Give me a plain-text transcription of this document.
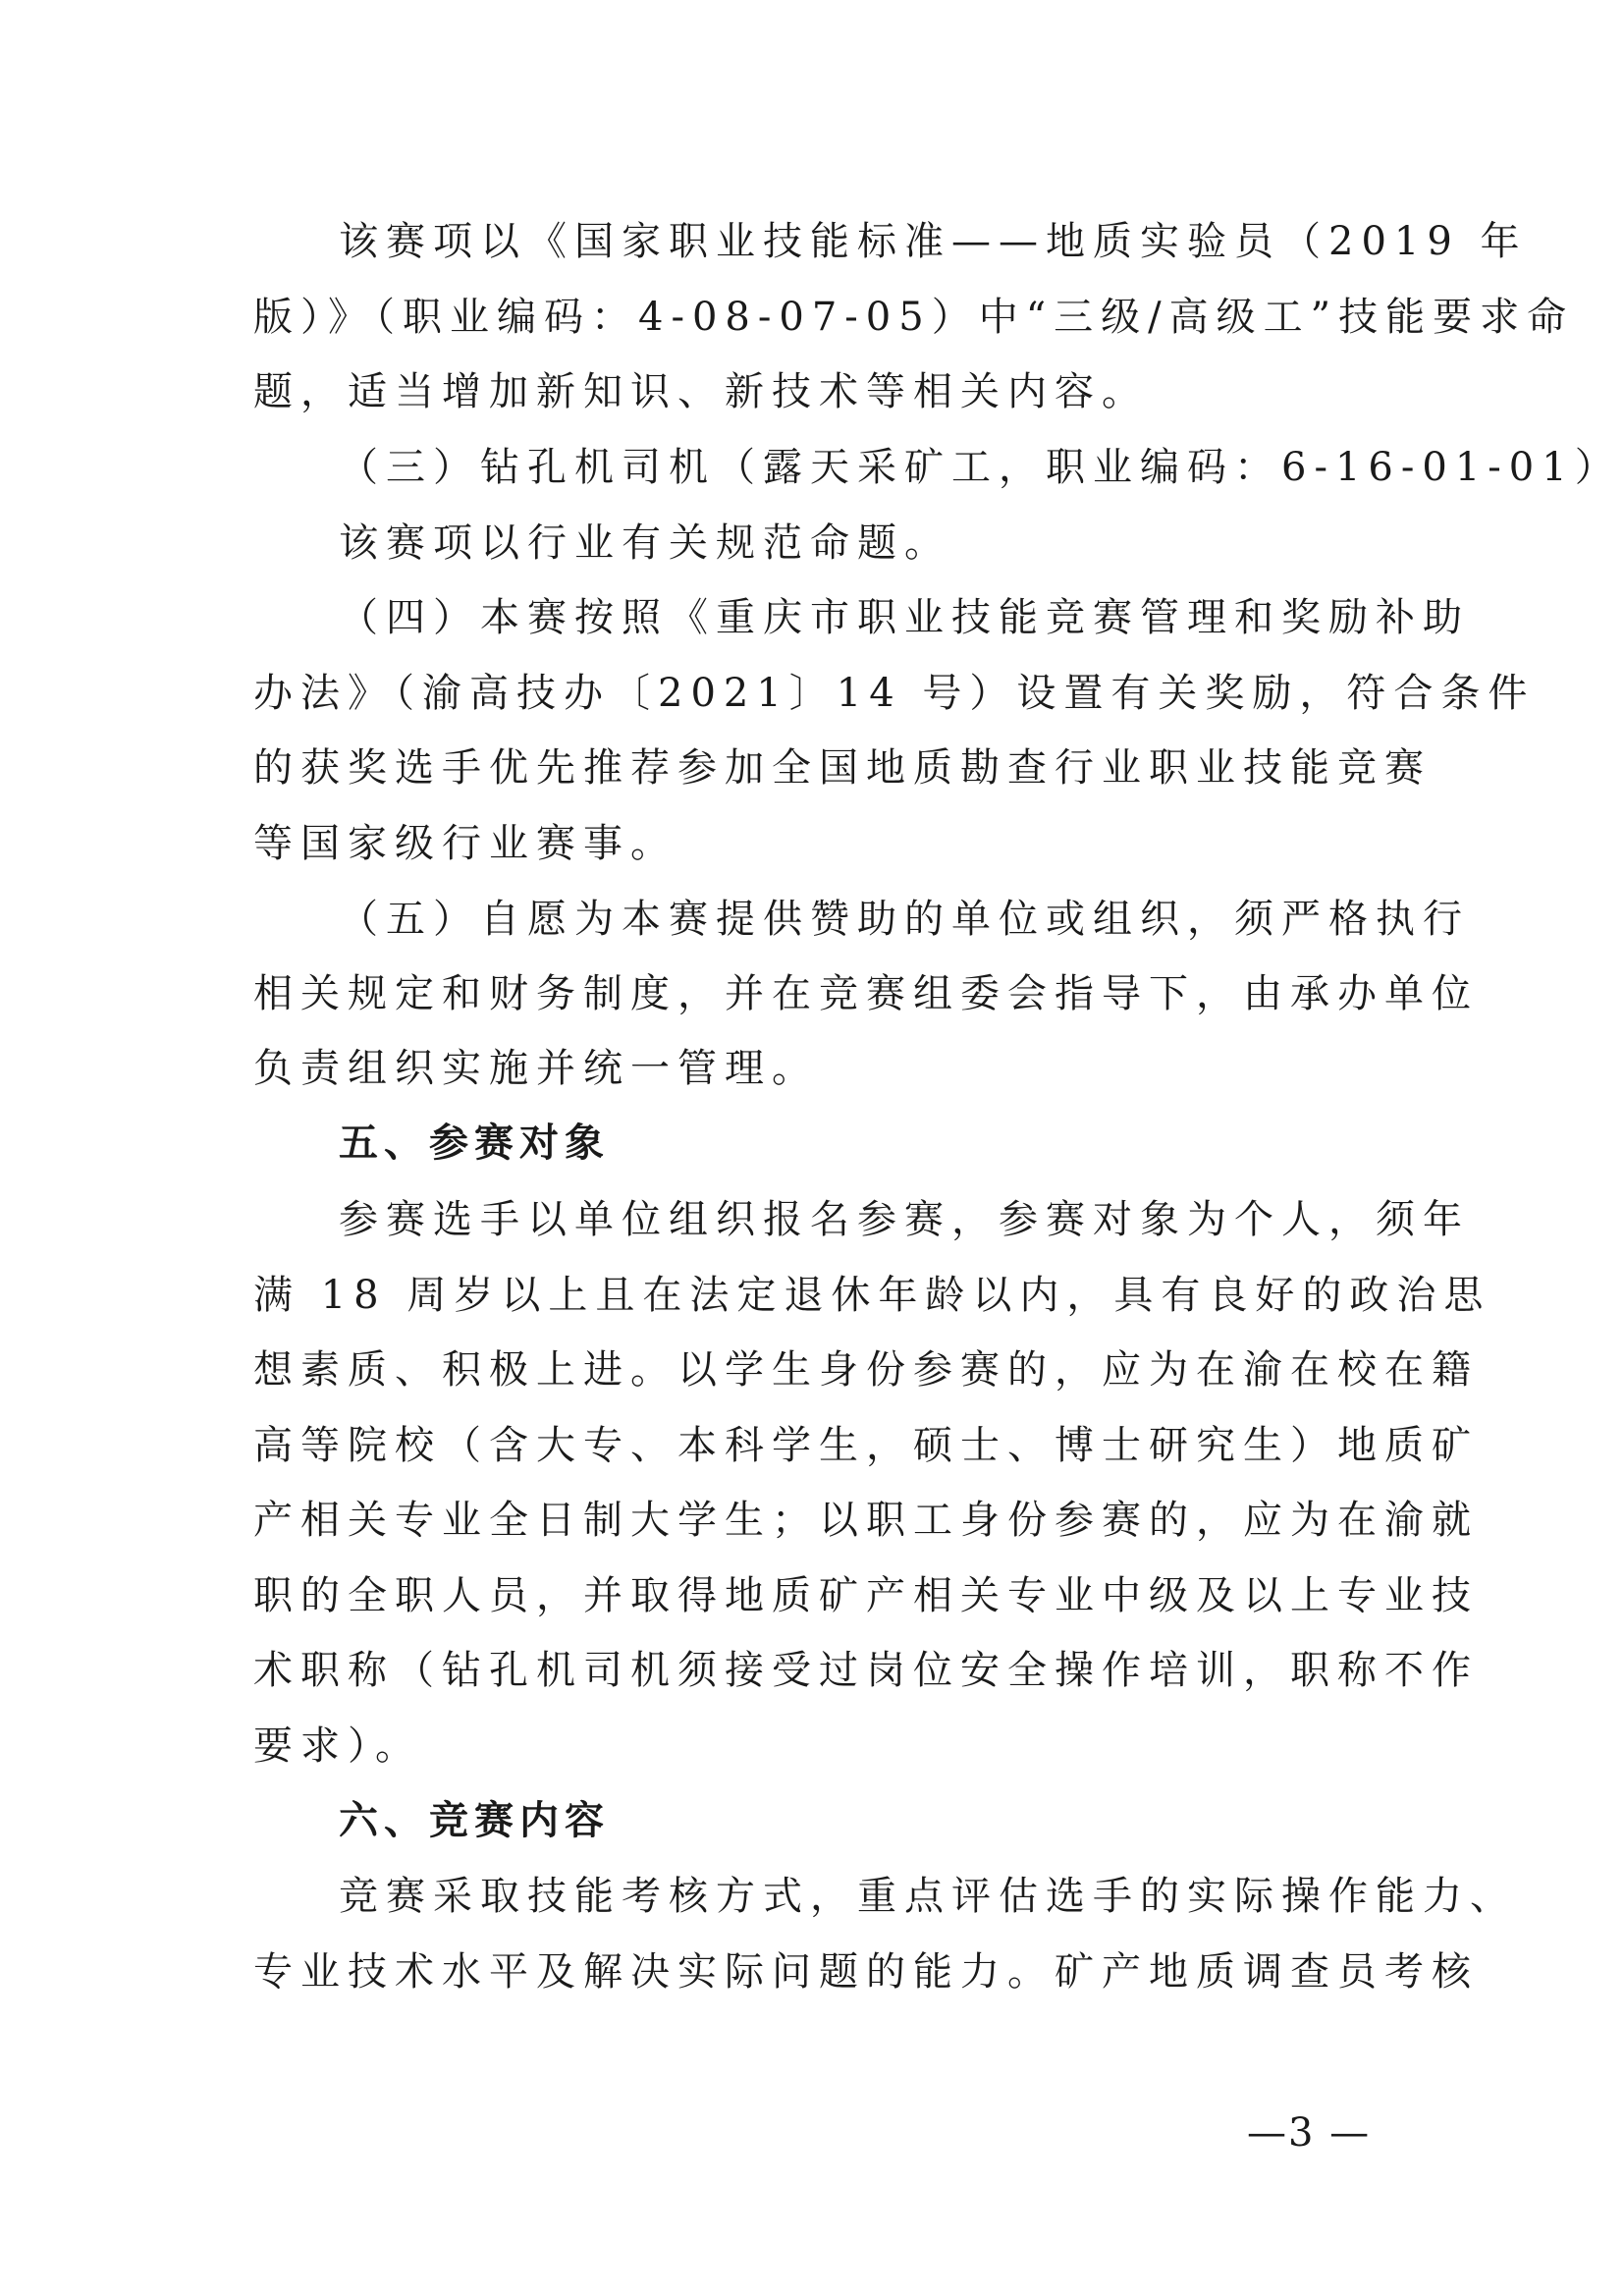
该赛项以《国家职业技能标准——地质实验员（2019 年
版）》（职业编码：4-08-07-05）中“三级/高级工”技能要求命
题，适当增加新知识、新技术等相关内容。
（三）钻孔机司机（露天采矿工，职业编码：6-16-01-01）
该赛项以行业有关规范命题。
（四）本赛按照《重庆市职业技能竞赛管理和奖励补助
办法》（渝高技办〔2021〕14 号）设置有关奖励，符合条件
的获奖选手优先推荐参加全国地质勘查行业职业技能竞赛
等国家级行业赛事。
（五）自愿为本赛提供赞助的单位或组织，须严格执行
相关规定和财务制度，并在竞赛组委会指导下，由承办单位
负责组织实施并统一管理。
五、参赛对象
参赛选手以单位组织报名参赛，参赛对象为个人，须年
满 18 周岁以上且在法定退休年龄以内，具有良好的政治思
想素质、积极上进。以学生身份参赛的，应为在渝在校在籍
高等院校（含大专、本科学生，硕士、博士研究生）地质矿
产相关专业全日制大学生；以职工身份参赛的，应为在渝就
职的全职人员，并取得地质矿产相关专业中级及以上专业技
术职称（钻孔机司机须接受过岗位安全操作培训，职称不作
要求）。
六、竞赛内容
竞赛采取技能考核方式，重点评估选手的实际操作能力、
专业技术水平及解决实际问题的能力。矿产地质调查员考核
—3 —
